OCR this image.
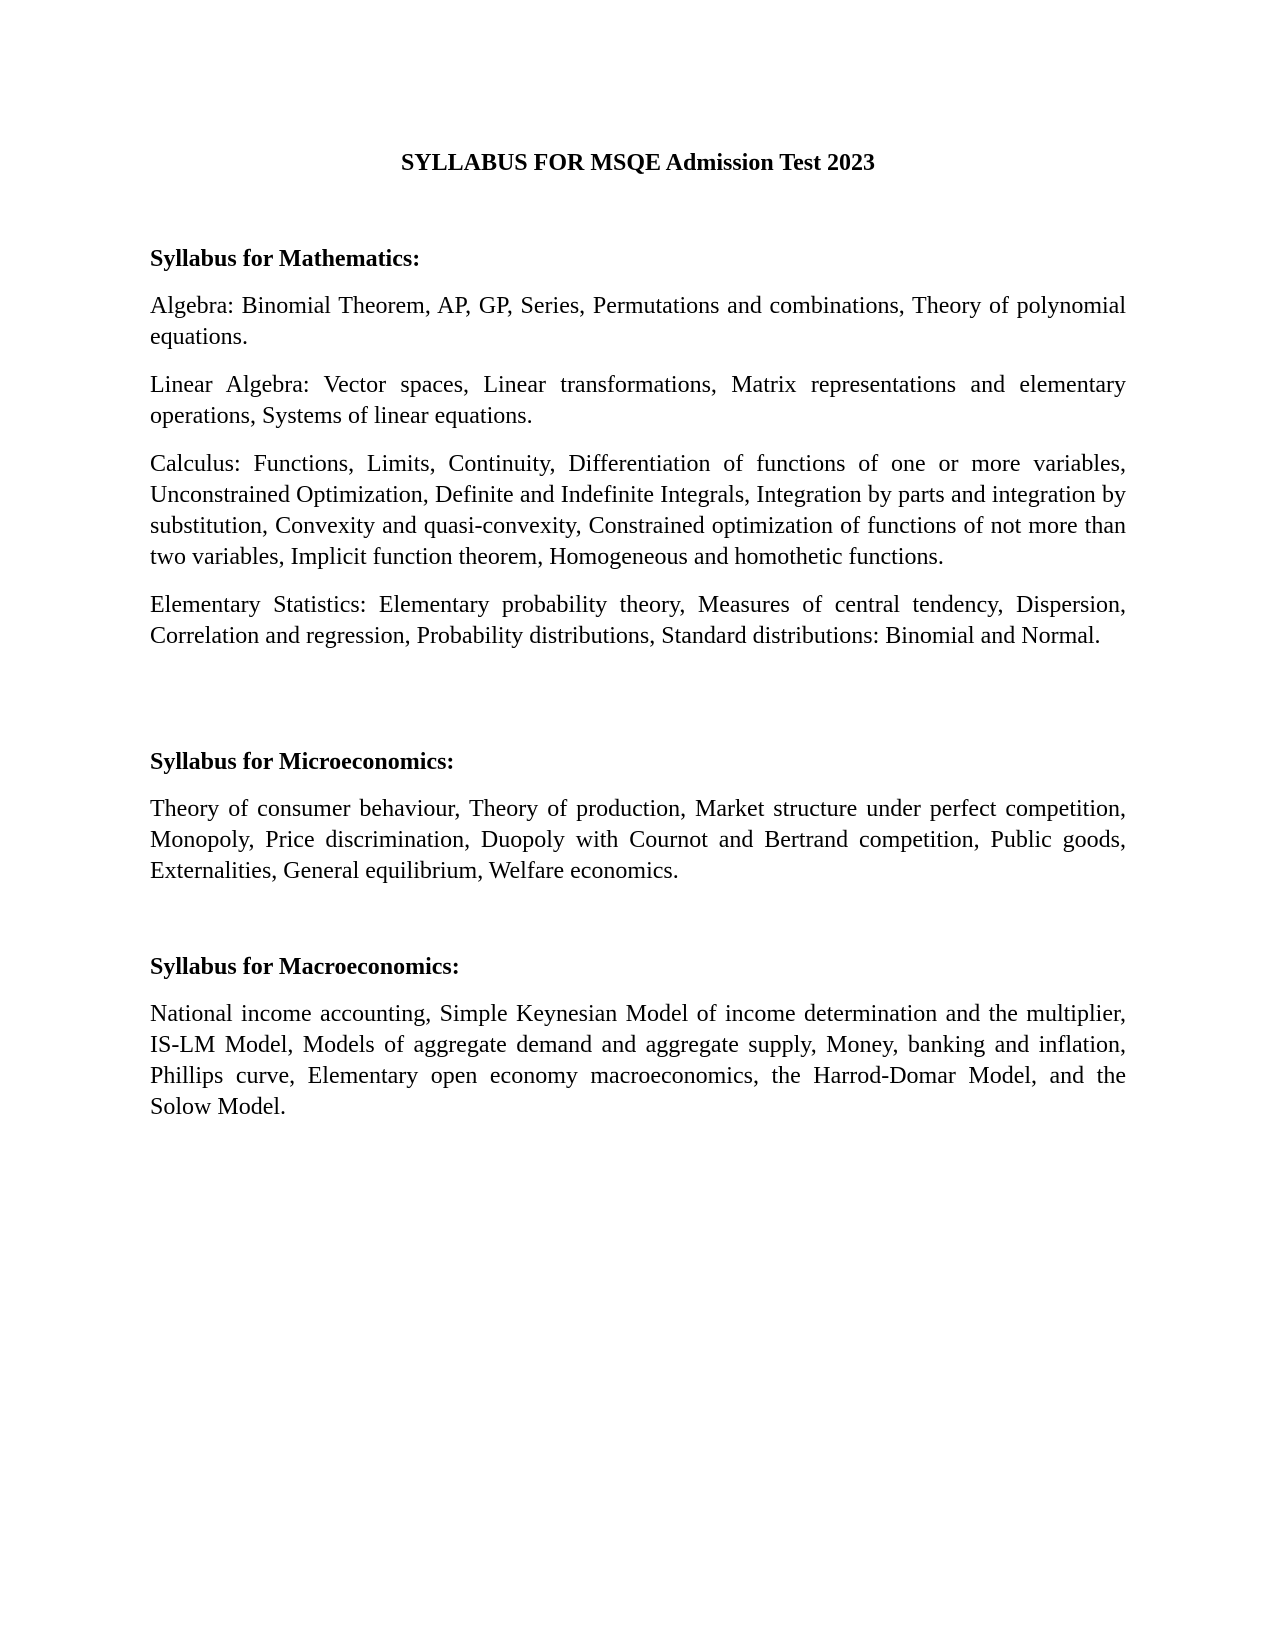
SYLLABUS FOR MSQE Admission Test 2023
Syllabus for Mathematics:

Algebra: Binomial Theorem, AP, GP, Series, Permutations and combinations, Theory of polynomial equations.

Linear Algebra: Vector spaces, Linear transformations, Matrix representations and elementary operations, Systems of linear equations.

Calculus: Functions, Limits, Continuity, Differentiation of functions of one or more variables, Unconstrained Optimization, Definite and Indefinite Integrals, Integration by parts and integration by substitution, Convexity and quasi-convexity, Constrained optimization of functions of not more than two variables, Implicit function theorem, Homogeneous and homothetic functions.

Elementary Statistics: Elementary probability theory, Measures of central tendency, Dispersion, Correlation and regression, Probability distributions, Standard distributions: Binomial and Normal.

Syllabus for Microeconomics:

Theory of consumer behaviour, Theory of production, Market structure under perfect competition, Monopoly, Price discrimination, Duopoly with Cournot and Bertrand competition, Public goods, Externalities, General equilibrium, Welfare economics.

Syllabus for Macroeconomics:

National income accounting, Simple Keynesian Model of income determination and the multiplier, IS-LM Model, Models of aggregate demand and aggregate supply, Money, banking and inflation, Phillips curve, Elementary open economy macroeconomics, the Harrod-Domar Model, and the Solow Model.
